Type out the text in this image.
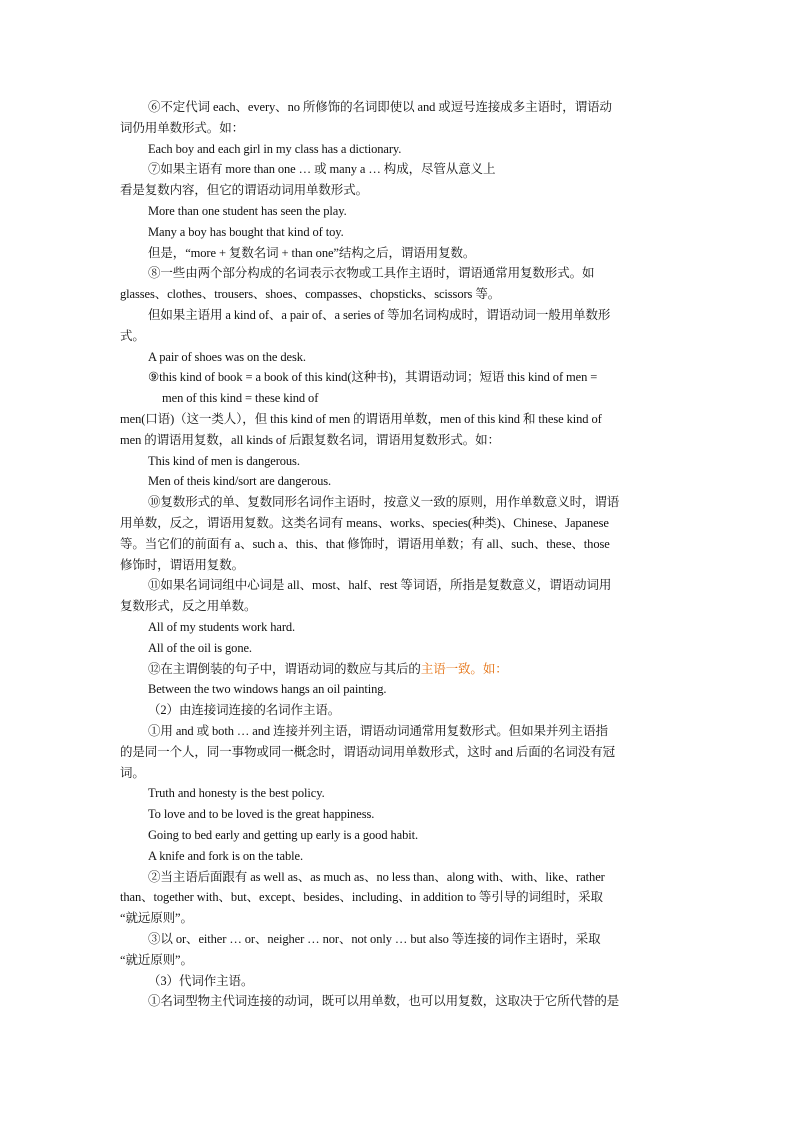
⑥不定代词 each、every、no 所修饰的名词即使以 and 或逗号连接成多主语时，谓语动
词仍用单数形式。如：
Each boy and each girl in my class has a dictionary.
⑦如果主语有 more than one … 或 many a … 构成，尽管从意义上
看是复数内容，但它的谓语动词用单数形式。
More than one student has seen the play.
Many a boy has bought that kind of toy.
但是，“more + 复数名词 + than one”结构之后，谓语用复数。
⑧一些由两个部分构成的名词表示衣物或工具作主语时，谓语通常用复数形式。如
glasses、clothes、trousers、shoes、compasses、chopsticks、scissors 等。
但如果主语用 a kind of、a pair of、a series of 等加名词构成时，谓语动词一般用单数形
式。
A pair of shoes was on the desk.
⑨this kind of book = a book of this kind(这种书)，其谓语动词；短语 this kind of men =
men of this kind = these kind of
men(口语)（这一类人），但 this kind of men 的谓语用单数，men of this kind 和 these kind of
men 的谓语用复数，all kinds of 后跟复数名词，谓语用复数形式。如：
This kind of men is dangerous.
Men of theis kind/sort are dangerous.
⑩复数形式的单、复数同形名词作主语时，按意义一致的原则，用作单数意义时，谓语
用单数，反之，谓语用复数。这类名词有 means、works、species(种类)、Chinese、Japanese
等。当它们的前面有 a、such a、this、that 修饰时，谓语用单数；有 all、such、these、those
修饰时，谓语用复数。
⑪如果名词词组中心词是 all、most、half、rest 等词语，所指是复数意义，谓语动词用
复数形式，反之用单数。
All of my students work hard.
All of the oil is gone.
⑫在主谓倒装的句子中，谓语动词的数应与其后的主语一致。如：
Between the two windows hangs an oil painting.
（2）由连接词连接的名词作主语。
①用 and 或 both … and 连接并列主语，谓语动词通常用复数形式。但如果并列主语指
的是同一个人，同一事物或同一概念时，谓语动词用单数形式，这时 and 后面的名词没有冠
词。
Truth and honesty is the best policy.
To love and to be loved is the great happiness.
Going to bed early and getting up early is a good habit.
A knife and fork is on the table.
②当主语后面跟有 as well as、as much as、no less than、along with、with、like、rather
than、together with、but、except、besides、including、in addition to 等引导的词组时，采取
“就远原则”。
③以 or、either … or、neigher … nor、not only … but also 等连接的词作主语时，采取
“就近原则”。
（3）代词作主语。
①名词型物主代词连接的动词，既可以用单数，也可以用复数，这取决于它所代替的是
